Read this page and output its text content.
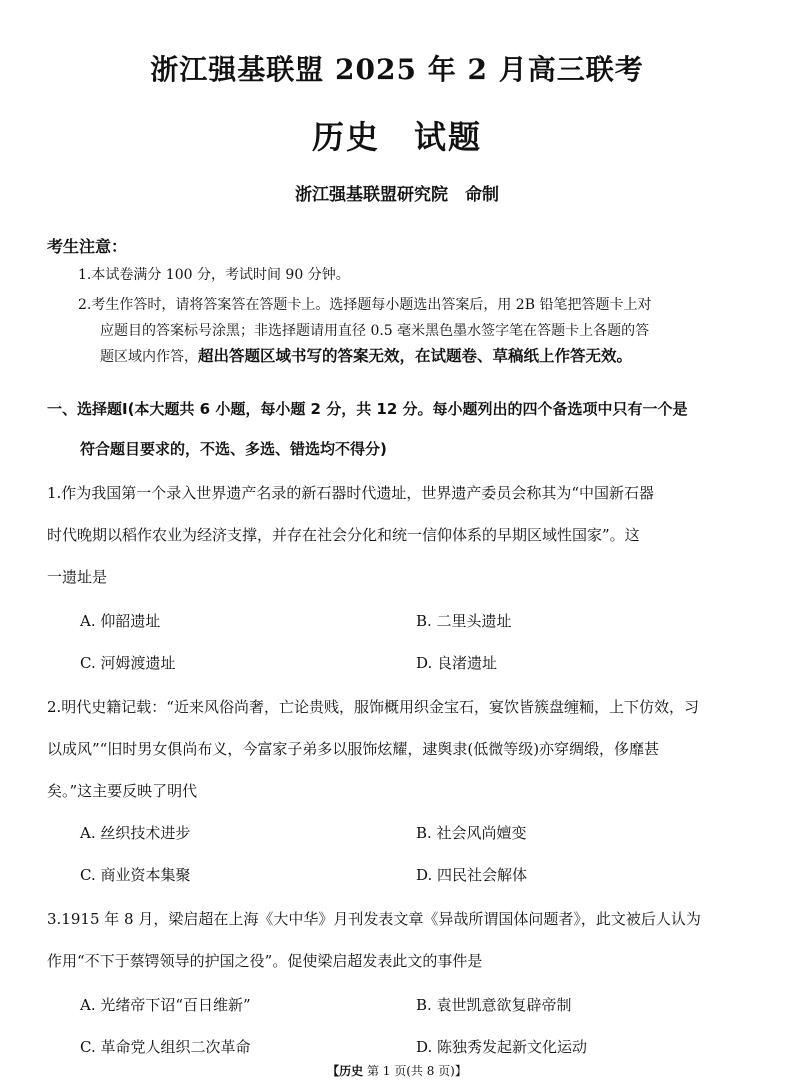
浙江强基联盟 2025 年 2 月高三联考
历史　试题
浙江强基联盟研究院　命制
考生注意：
1.本试卷满分 100 分，考试时间 90 分钟。
2.考生作答时，请将答案答在答题卡上。选择题每小题选出答案后，用 2B 铅笔把答题卡上对
应题目的答案标号涂黑；非选择题请用直径 0.5 毫米黑色墨水签字笔在答题卡上各题的答
题区域内作答，超出答题区域书写的答案无效，在试题卷、草稿纸上作答无效。
一、选择题Ⅰ(本大题共 6 小题，每小题 2 分，共 12 分。每小题列出的四个备选项中只有一个是
符合题目要求的，不选、多选、错选均不得分)
1.作为我国第一个录入世界遗产名录的新石器时代遗址，世界遗产委员会称其为“中国新石器
时代晚期以稻作农业为经济支撑，并存在社会分化和统一信仰体系的早期区域性国家”。这
一遗址是
A. 仰韶遗址	B. 二里头遗址
C. 河姆渡遗址	D. 良渚遗址
2.明代史籍记载：“近来风俗尚奢，亡论贵贱，服饰概用织金宝石，宴饮皆簇盘缠粫，上下仿效，习
以成风”“旧时男女俱尚布义，今富家子弟多以服饰炫耀，逮舆隶(低微等级)亦穿绸缎，侈靡甚
矣。”这主要反映了明代
A. 丝织技术进步	B. 社会风尚嬗变
C. 商业资本集聚	D. 四民社会解体
3.1915 年 8 月，梁启超在上海《大中华》月刊发表文章《异哉所谓国体问题者》，此文被后人认为
作用“不下于蔡锷领导的护国之役”。促使梁启超发表此文的事件是
A. 光绪帝下诏“百日维新”	B. 袁世凯意欲复辟帝制
C. 革命党人组织二次革命	D. 陈独秀发起新文化运动
【历史 第 1 页(共 8 页)】
